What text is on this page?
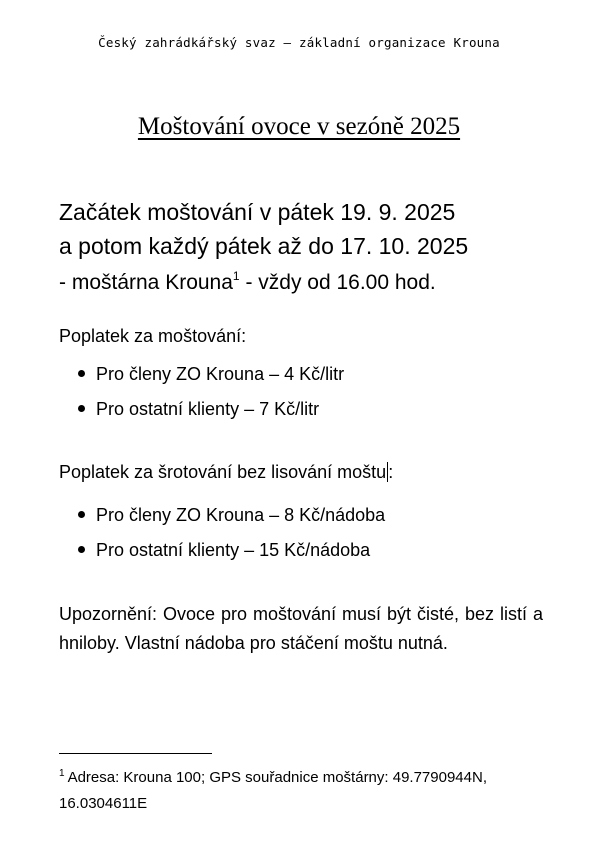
Český zahrádkářský svaz – základní organizace Krouna
Moštování ovoce v sezóně 2025
Začátek moštování v pátek 19. 9. 2025
a potom každý pátek až do 17. 10. 2025
- moštárna Krouna$^1$ - vždy od 16.00 hod.
Poplatek za moštování:
Pro členy ZO Krouna – 4 Kč/litr
Pro ostatní klienty – 7 Kč/litr
Poplatek za šrotování bez lisování moštu :
Pro členy ZO Krouna – 8 Kč/nádoba
Pro ostatní klienty – 15 Kč/nádoba
Upozornění: Ovoce pro moštování musí být čisté, bez listí a hniloby. Vlastní nádoba pro stáčení moštu nutná.
$^1$ Adresa: Krouna 100; GPS souřadnice moštárny: 49.7790944N, 16.0304611E
